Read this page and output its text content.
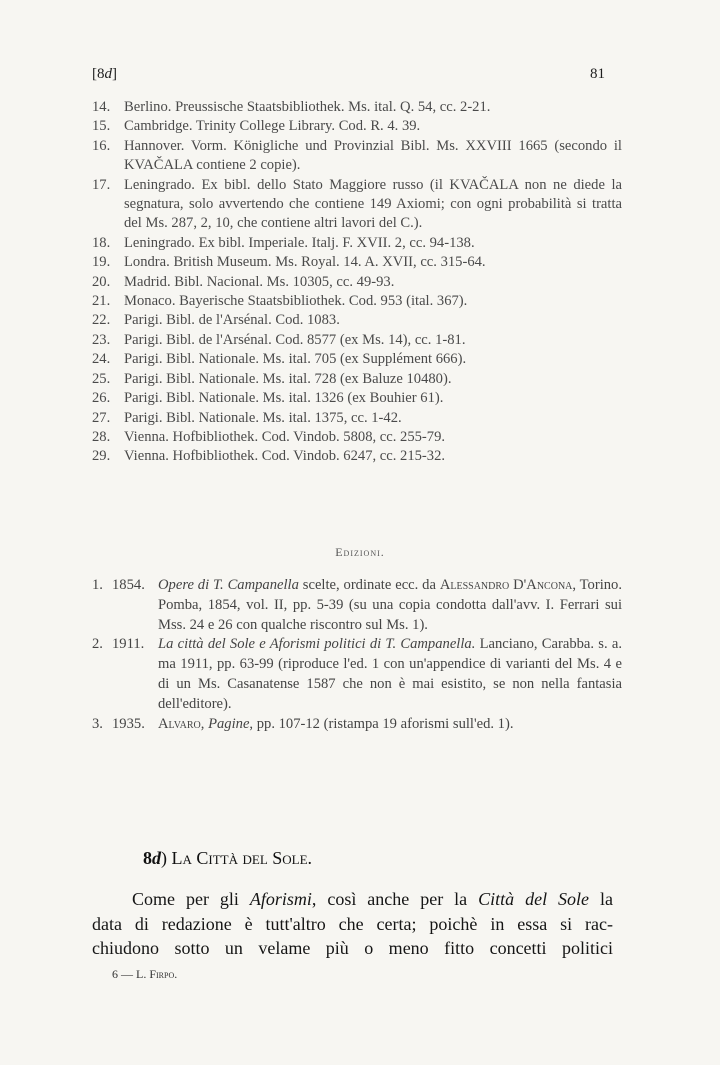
[8d]	81
14. Berlino. Preussische Staatsbibliothek. Ms. ital. Q. 54, cc. 2-21.
15. Cambridge. Trinity College Library. Cod. R. 4. 39.
16. Hannover. Vorm. Königliche und Provinzial Bibl. Ms. XXVIII 1665 (secondo il KVAČALA contiene 2 copie).
17. Leningrado. Ex bibl. dello Stato Maggiore russo (il KVAČALA non ne diede la segnatura, solo avvertendo che contiene 149 Axiomi; con ogni probabilità si tratta del Ms. 287, 2, 10, che contiene altri lavori del C.).
18. Leningrado. Ex bibl. Imperiale. Italj. F. XVII. 2, cc. 94-138.
19. Londra. British Museum. Ms. Royal. 14. A. XVII, cc. 315-64.
20. Madrid. Bibl. Nacional. Ms. 10305, cc. 49-93.
21. Monaco. Bayerische Staatsbibliothek. Cod. 953 (ital. 367).
22. Parigi. Bibl. de l'Arsénal. Cod. 1083.
23. Parigi. Bibl. de l'Arsénal. Cod. 8577 (ex Ms. 14), cc. 1-81.
24. Parigi. Bibl. Nationale. Ms. ital. 705 (ex Supplément 666).
25. Parigi. Bibl. Nationale. Ms. ital. 728 (ex Baluze 10480).
26. Parigi. Bibl. Nationale. Ms. ital. 1326 (ex Bouhier 61).
27. Parigi. Bibl. Nationale. Ms. ital. 1375, cc. 1-42.
28. Vienna. Hofbibliothek. Cod. Vindob. 5808, cc. 255-79.
29. Vienna. Hofbibliothek. Cod. Vindob. 6247, cc. 215-32.
Edizioni.
1. 1854. Opere di T. Campanella scelte, ordinate ecc. da Alessandro D'Ancona, Torino. Pomba, 1854, vol. II, pp. 5-39 (su una copia condotta dall'avv. I. Ferrari sui Mss. 24 e 26 con qualche riscontro sul Ms. 1).
2. 1911. La città del Sole e Aforismi politici di T. Campanella. Lanciano, Carabba. s. a. ma 1911, pp. 63-99 (riproduce l'ed. 1 con un'appendice di varianti del Ms. 4 e di un Ms. Casanatense 1587 che non è mai esistito, se non nella fantasia dell'editore).
3. 1935. Alvaro, Pagine, pp. 107-12 (ristampa 19 aforismi sull'ed. 1).
8d) La Città del Sole.
Come per gli Aforismi, così anche per la Città del Sole la
data di redazione è tutt'altro che certa; poichè in essa si rac-
chiudono sotto un velame più o meno fitto concetti politici
6 — L. Firpo.
